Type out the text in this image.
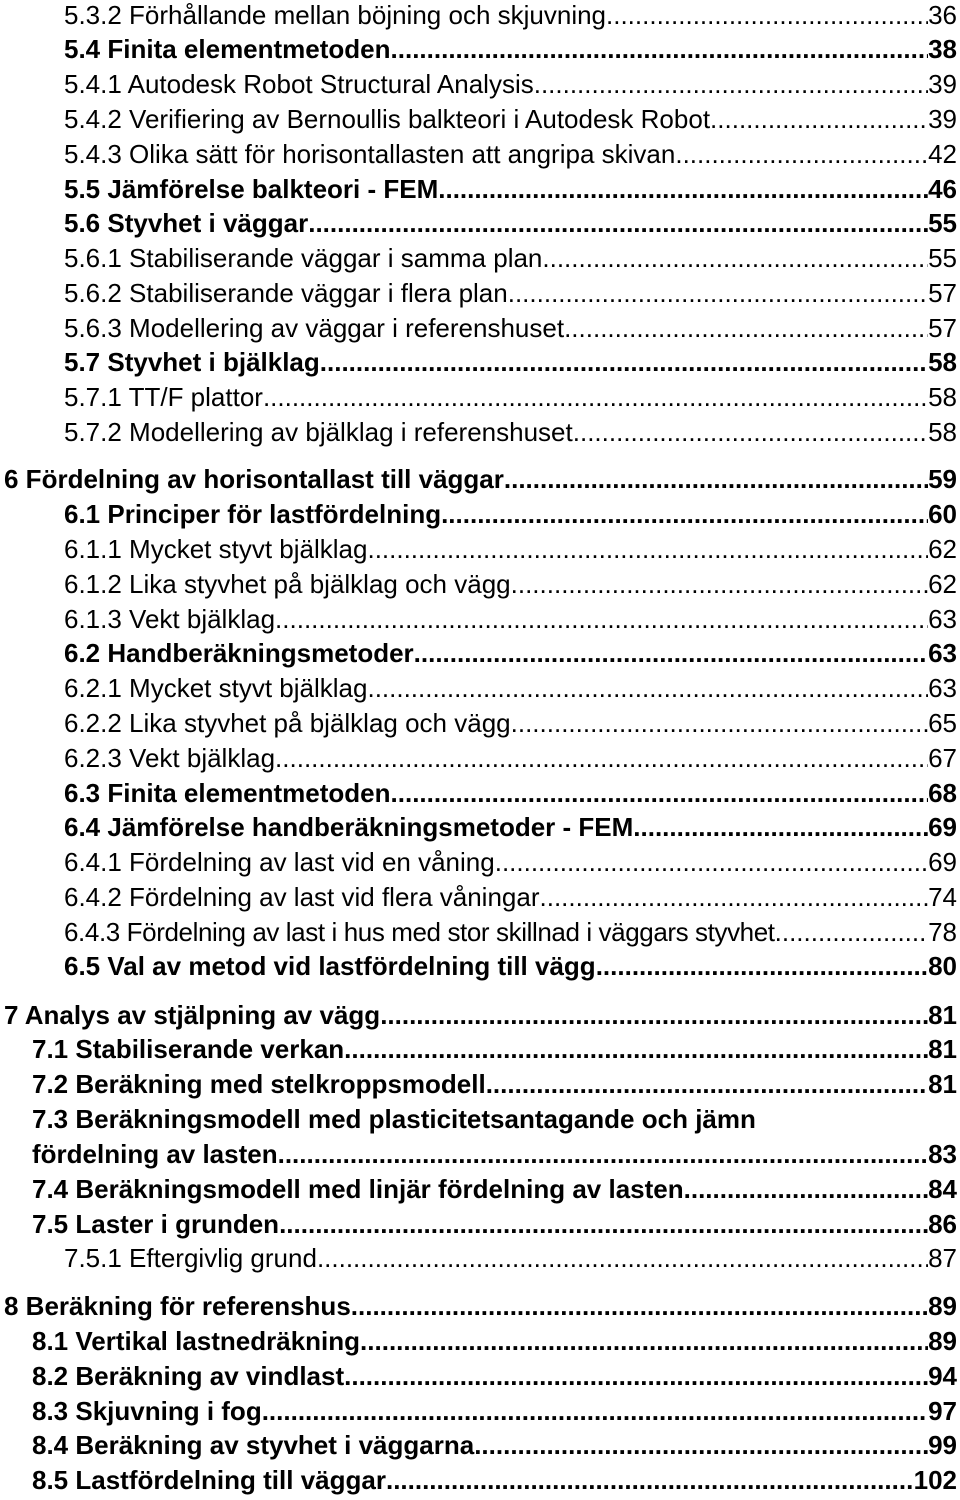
5.3.2 Förhållande mellan böjning och skjuvning .....	36
5.4 Finita elementmetoden .....	38
5.4.1 Autodesk Robot Structural Analysis .....	39
5.4.2 Verifiering av Bernoullis balkteori i Autodesk Robot .....	39
5.4.3 Olika sätt för horisontallasten att angripa skivan .....	42
5.5 Jämförelse balkteori - FEM .....	46
5.6 Styvhet i väggar .....	55
5.6.1 Stabiliserande väggar i samma plan .....	55
5.6.2 Stabiliserande väggar i flera plan .....	57
5.6.3 Modellering av väggar i referenshuset .....	57
5.7 Styvhet i bjälklag .....	58
5.7.1 TT/F plattor .....	58
5.7.2 Modellering av bjälklag i referenshuset .....	58
6 Fördelning av horisontallast till väggar .....	59
6.1 Principer för lastfördelning .....	60
6.1.1 Mycket styvt bjälklag .....	62
6.1.2 Lika styvhet på bjälklag och vägg .....	62
6.1.3 Vekt bjälklag .....	63
6.2 Handberäkningsmetoder .....	63
6.2.1 Mycket styvt bjälklag .....	63
6.2.2 Lika styvhet på bjälklag och vägg .....	65
6.2.3 Vekt bjälklag .....	67
6.3 Finita elementmetoden .....	68
6.4 Jämförelse handberäkningsmetoder - FEM .....	69
6.4.1 Fördelning av last vid en våning .....	69
6.4.2 Fördelning av last vid flera våningar .....	74
6.4.3 Fördelning av last i hus med stor skillnad i väggars styvhet .....	78
6.5 Val av metod vid lastfördelning till vägg .....	80
7 Analys av stjälpning av vägg .....	81
7.1 Stabiliserande verkan .....	81
7.2 Beräkning med stelkroppsmodell .....	81
7.3 Beräkningsmodell med plasticitetsantagande och jämn
fördelning av lasten .....	83
7.4 Beräkningsmodell med linjär fördelning av lasten .....	84
7.5 Laster i grunden .....	86
7.5.1 Eftergivlig grund .....	87
8 Beräkning för referenshus .....	89
8.1 Vertikal lastnedräkning .....	89
8.2 Beräkning av vindlast .....	94
8.3 Skjuvning i fog .....	97
8.4 Beräkning av styvhet i väggarna .....	99
8.5 Lastfördelning till väggar .....	102
